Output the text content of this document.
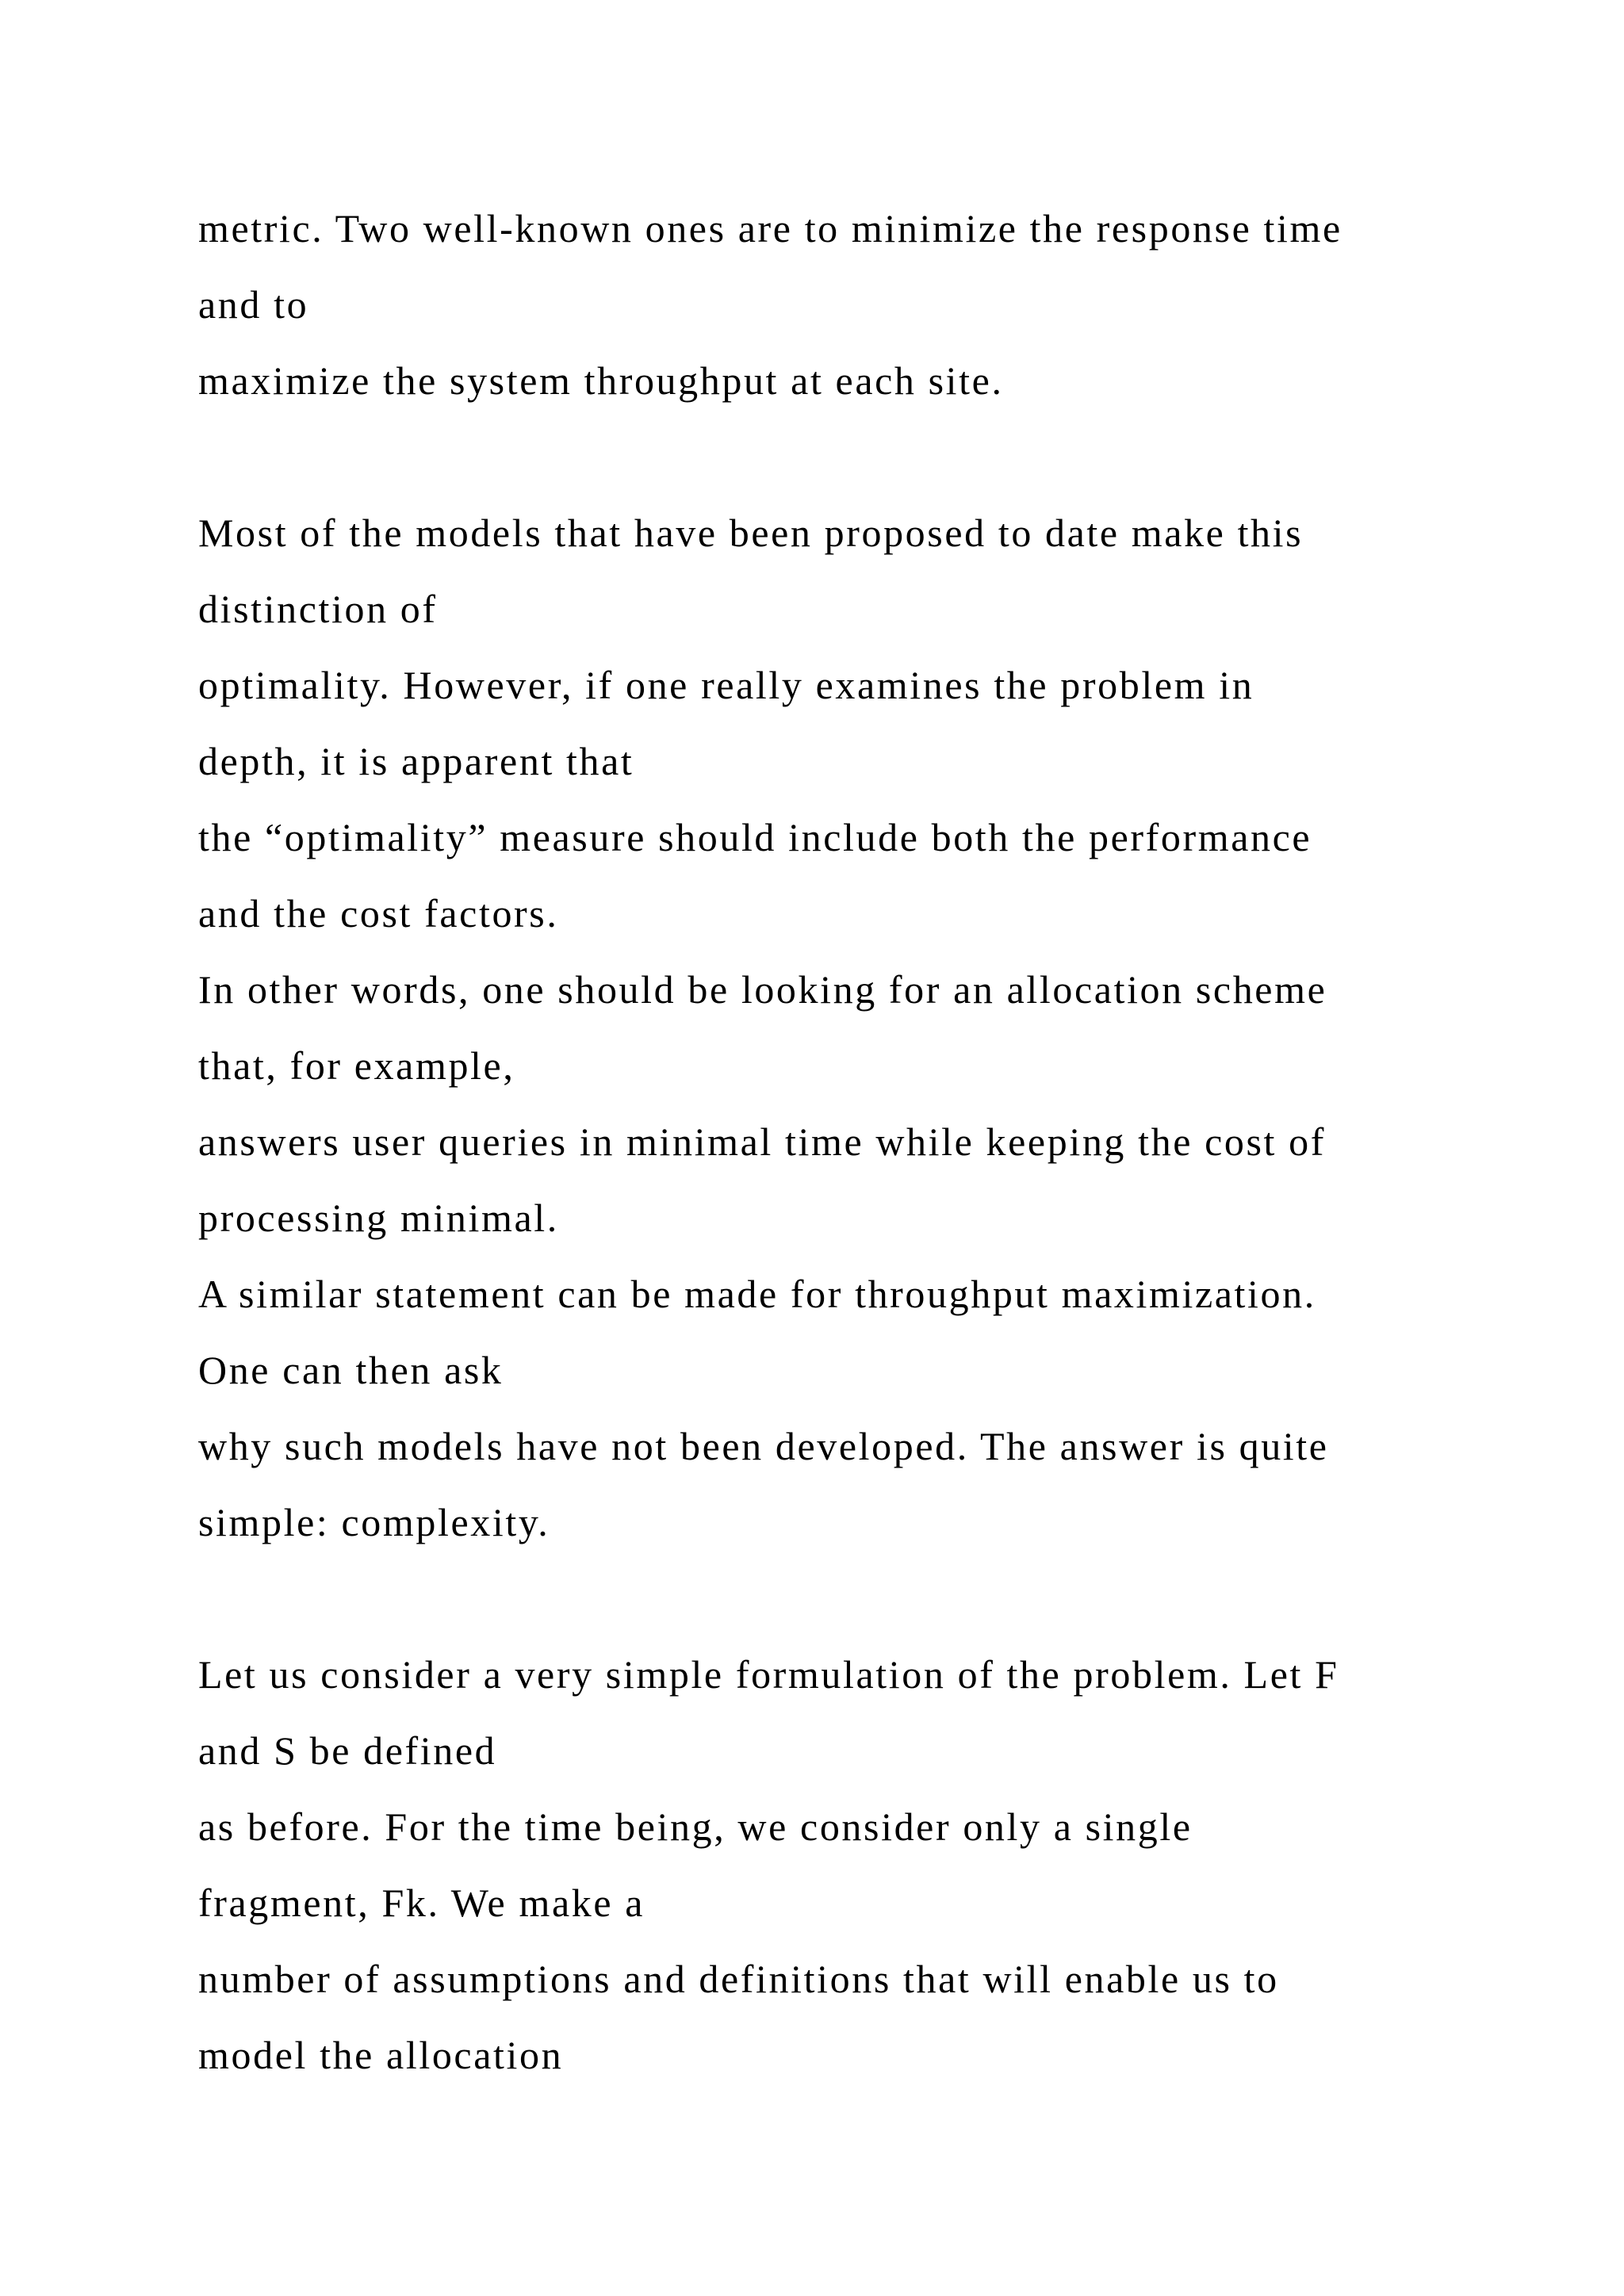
metric. Two well-known ones are to minimize the response time
and to
maximize the system throughput at each site.
Most of the models that have been proposed to date make this
distinction of
optimality. However, if one really examines the problem in
depth, it is apparent that
the “optimality” measure should include both the performance
and the cost factors.
In other words, one should be looking for an allocation scheme
that, for example,
answers user queries in minimal time while keeping the cost of
processing minimal.
A similar statement can be made for throughput maximization.
One can then ask
why such models have not been developed. The answer is quite
simple: complexity.
Let us consider a very simple formulation of the problem. Let F
and S be defined
as before. For the time being, we consider only a single
fragment, Fk. We make a
number of assumptions and definitions that will enable us to
model the allocation
